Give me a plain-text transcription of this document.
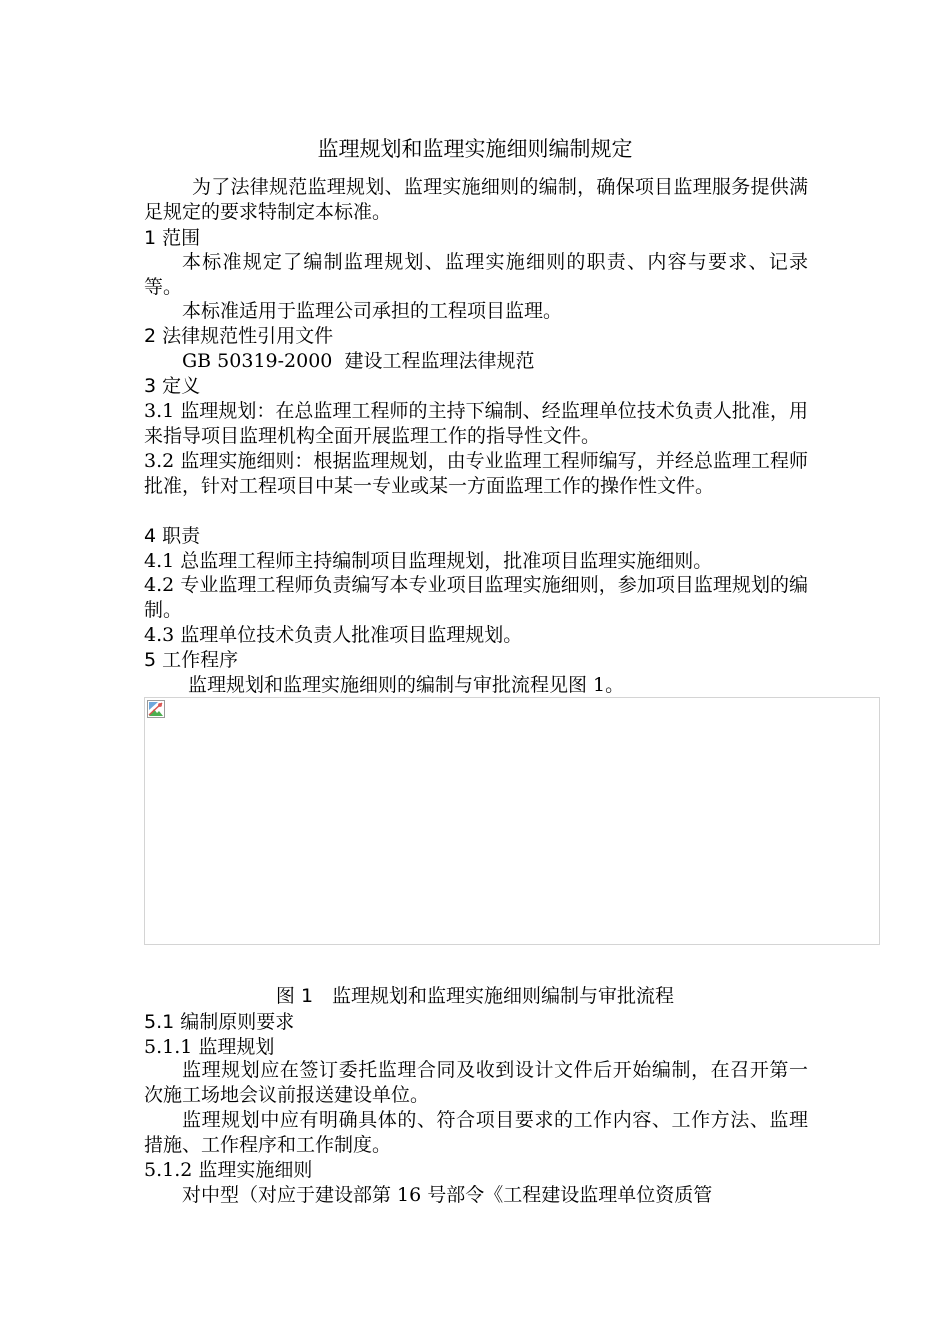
监理规划和监理实施细则编制规定
为了法律规范监理规划、监理实施细则的编制，确保项目监理服务提供满足规定的要求特制定本标准。
1 范围
本标准规定了编制监理规划、监理实施细则的职责、内容与要求、记录等。
本标准适用于监理公司承担的工程项目监理。
2 法律规范性引用文件
GB 50319-2000  建设工程监理法律规范
3 定义
3.1 监理规划：在总监理工程师的主持下编制、经监理单位技术负责人批准，用来指导项目监理机构全面开展监理工作的指导性文件。
3.2 监理实施细则：根据监理规划，由专业监理工程师编写，并经总监理工程师批准，针对工程项目中某一专业或某一方面监理工作的操作性文件。
4 职责
4.1 总监理工程师主持编制项目监理规划，批准项目监理实施细则。
4.2 专业监理工程师负责编写本专业项目监理实施细则，参加项目监理规划的编制。
4.3 监理单位技术负责人批准项目监理规划。
5 工作程序
监理规划和监理实施细则的编制与审批流程见图 1。
图 1　监理规划和监理实施细则编制与审批流程
5.1 编制原则要求
5.1.1 监理规划
监理规划应在签订委托监理合同及收到设计文件后开始编制，在召开第一次施工场地会议前报送建设单位。
监理规划中应有明确具体的、符合项目要求的工作内容、工作方法、监理措施、工作程序和工作制度。
5.1.2 监理实施细则
对中型（对应于建设部第 16 号部令《工程建设监理单位资质管
